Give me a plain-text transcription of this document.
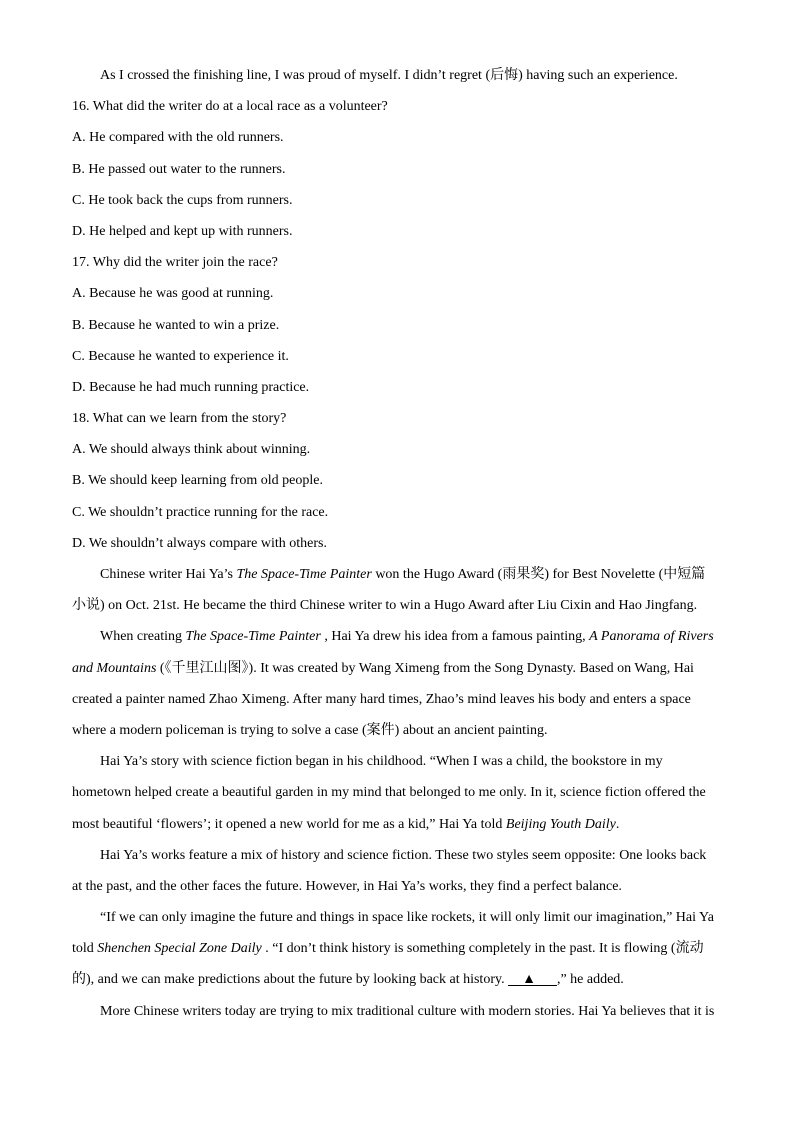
As I crossed the finishing line, I was proud of myself. I didn’t regret (后悔) having such an experience.
16. What did the writer do at a local race as a volunteer?
A. He compared with the old runners.
B. He passed out water to the runners.
C. He took back the cups from runners.
D. He helped and kept up with runners.
17. Why did the writer join the race?
A. Because he was good at running.
B. Because he wanted to win a prize.
C. Because he wanted to experience it.
D. Because he had much running practice.
18. What can we learn from the story?
A. We should always think about winning.
B. We should keep learning from old people.
C. We shouldn’t practice running for the race.
D. We shouldn’t always compare with others.
Chinese writer Hai Ya’s The Space-Time Painter won the Hugo Award (雨果奖) for Best Novelette (中短篇
小说) on Oct. 21st. He became the third Chinese writer to win a Hugo Award after Liu Cixin and Hao Jingfang.
When creating The Space-Time Painter , Hai Ya drew his idea from a famous painting, A Panorama of Rivers
and Mountains (《千里江山图》). It was created by Wang Ximeng from the Song Dynasty. Based on Wang, Hai
created a painter named Zhao Ximeng. After many hard times, Zhao’s mind leaves his body and enters a space
where a modern policeman is trying to solve a case (案件) about an ancient painting.
Hai Ya’s story with science fiction began in his childhood. “When I was a child, the bookstore in my
hometown helped create a beautiful garden in my mind that belonged to me only. In it, science fiction offered the
most beautiful ‘flowers’; it opened a new world for me as a kid,” Hai Ya told Beijing Youth Daily.
Hai Ya’s works feature a mix of history and science fiction. These two styles seem opposite: One looks back
at the past, and the other faces the future. However, in Hai Ya’s works, they find a perfect balance.
“If we can only imagine the future and things in space like rockets, it will only limit our imagination,” Hai Ya
told Shenchen Special Zone Daily . “I don’t think history is something completely in the past. It is flowing (流动
的), and we can make predictions about the future by looking back at history. ▲ ,” he added.
More Chinese writers today are trying to mix traditional culture with modern stories. Hai Ya believes that it is
